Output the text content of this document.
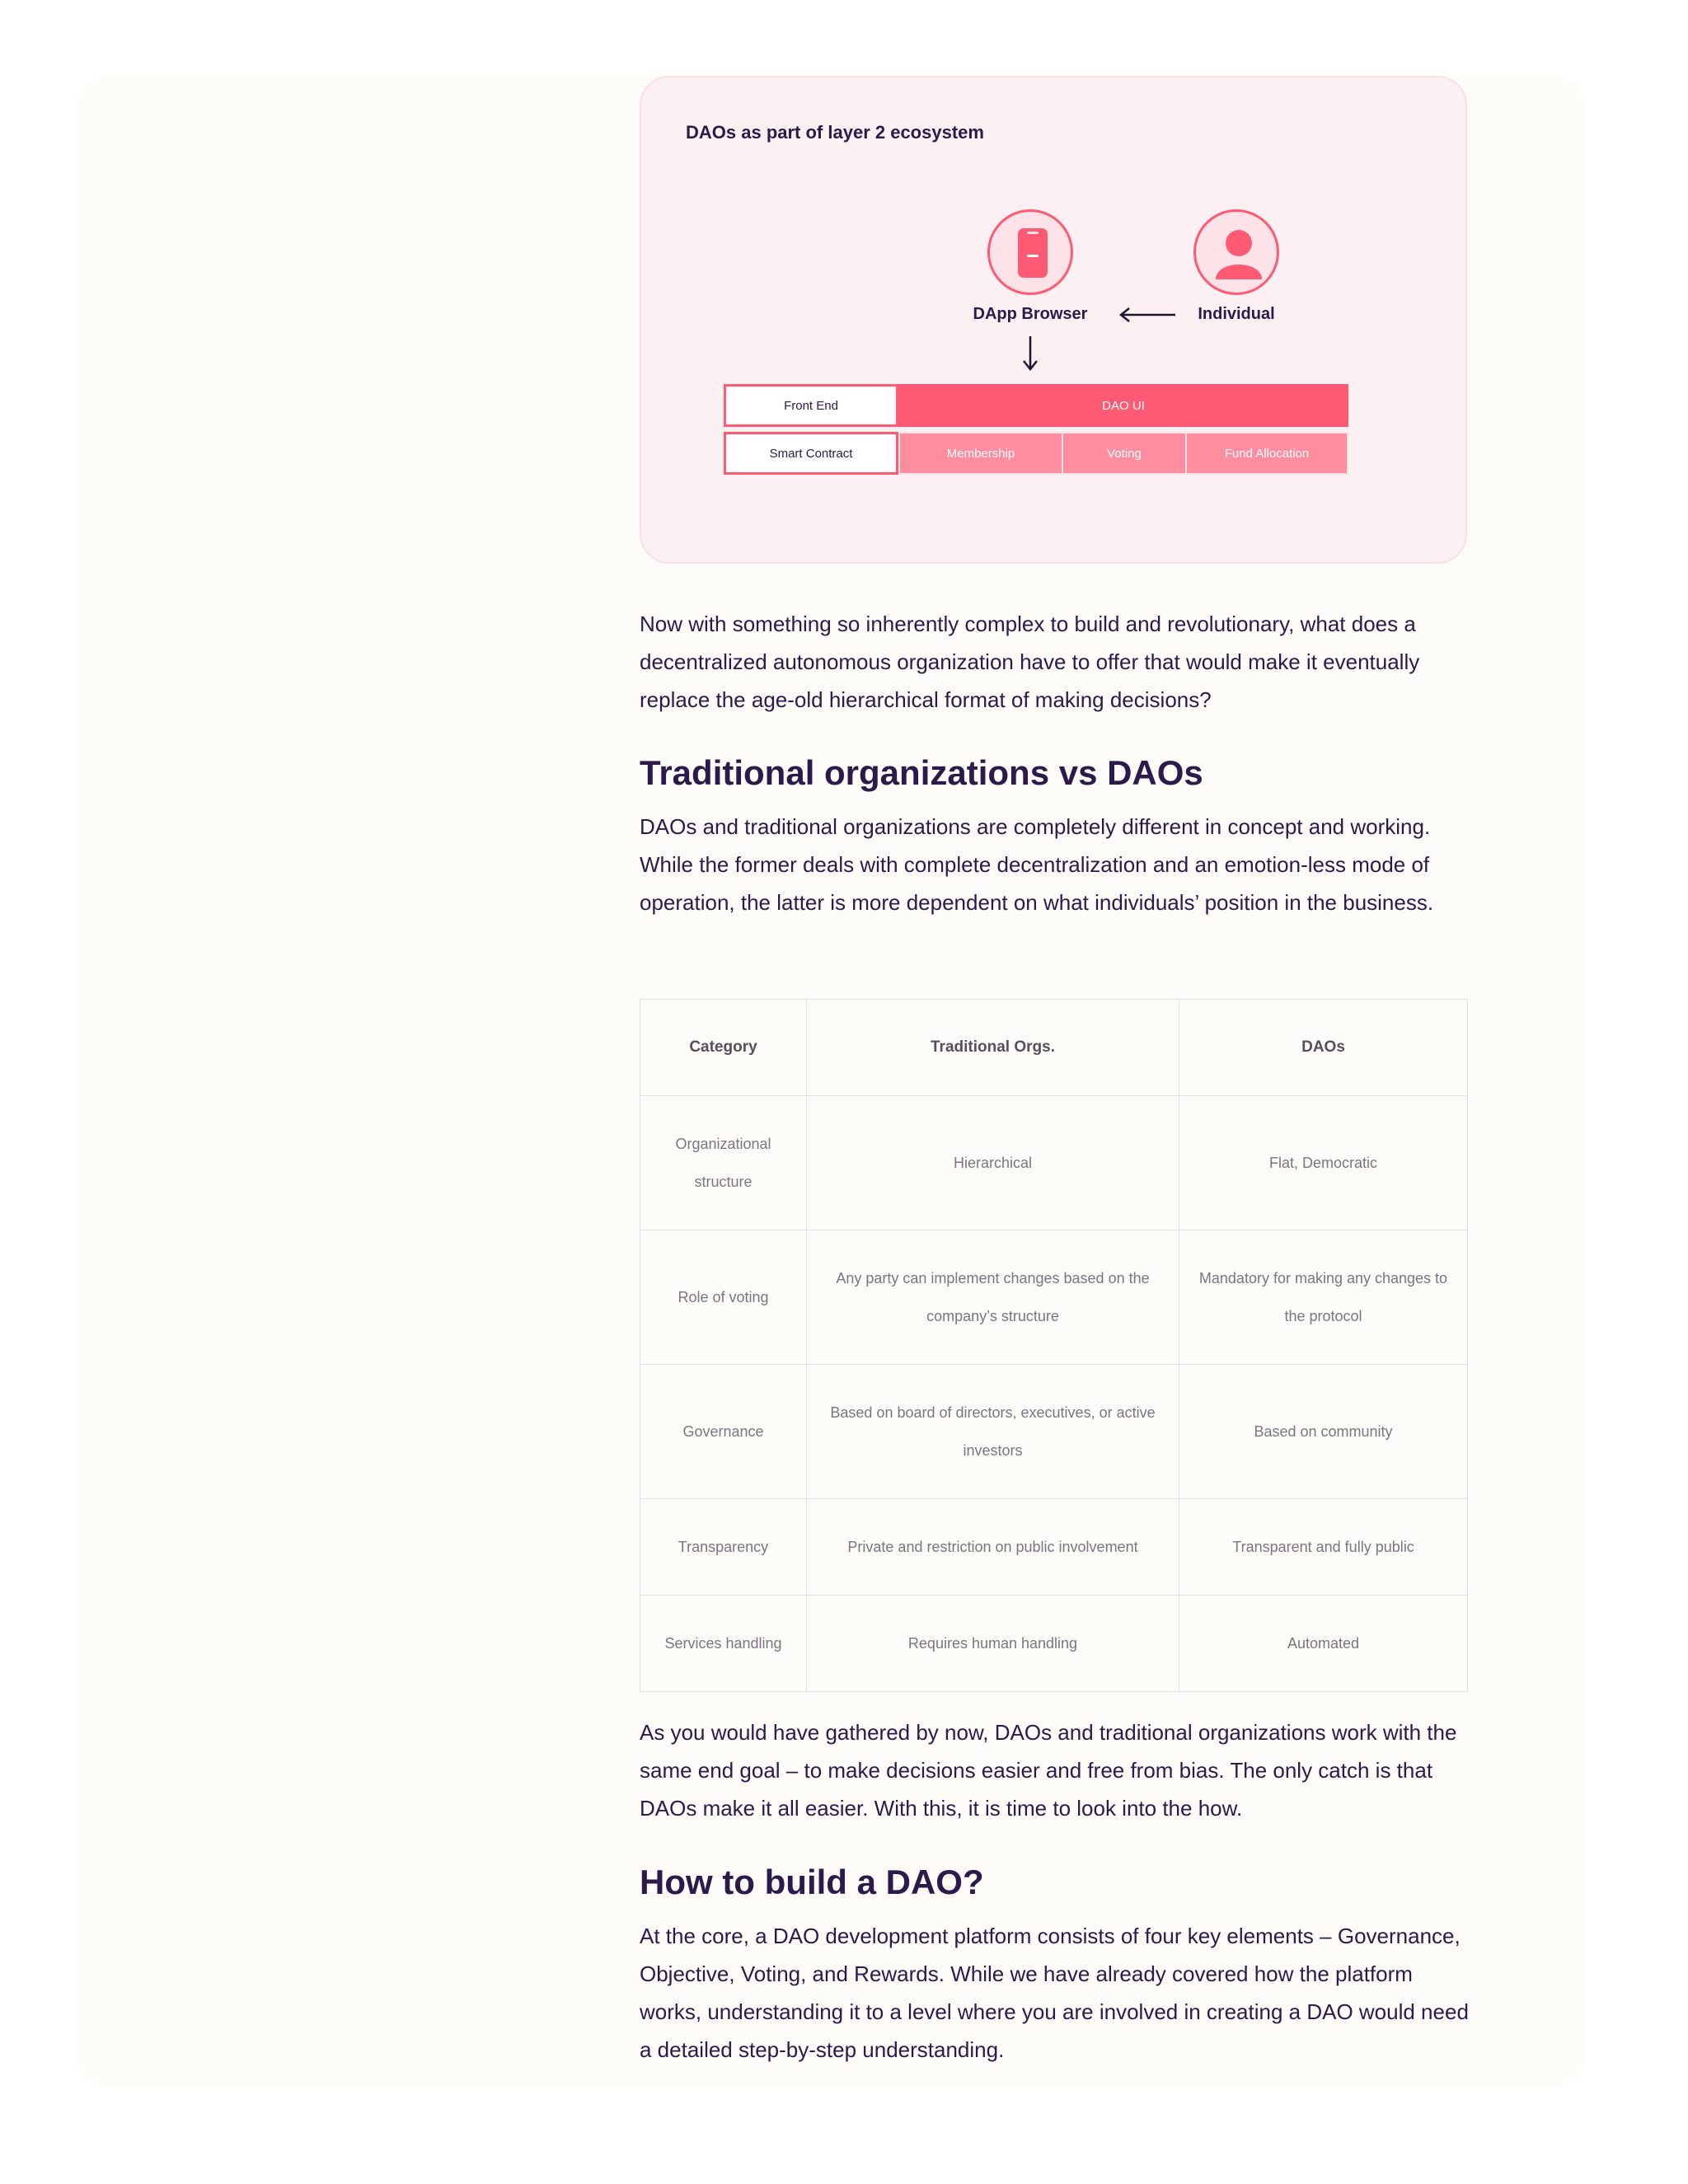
DAOs as part of layer 2 ecosystem
DApp Browser	Individual
Front End	DAO UI
Smart Contract	Membership	Voting	Fund Allocation

Now with something so inherently complex to build and revolutionary, what does a decentralized autonomous organization have to offer that would make it eventually replace the age-old hierarchical format of making decisions?

Traditional organizations vs DAOs

DAOs and traditional organizations are completely different in concept and working. While the former deals with complete decentralization and an emotion-less mode of operation, the latter is more dependent on what individuals’ position in the business.

Category	Traditional Orgs.	DAOs
Organizational structure	Hierarchical	Flat, Democratic
Role of voting	Any party can implement changes based on the company’s structure	Mandatory for making any changes to the protocol
Governance	Based on board of directors, executives, or active investors	Based on community
Transparency	Private and restriction on public involvement	Transparent and fully public
Services handling	Requires human handling	Automated

As you would have gathered by now, DAOs and traditional organizations work with the same end goal – to make decisions easier and free from bias. The only catch is that DAOs make it all easier. With this, it is time to look into the how.

How to build a DAO?

At the core, a DAO development platform consists of four key elements – Governance, Objective, Voting, and Rewards. While we have already covered how the platform works, understanding it to a level where you are involved in creating a DAO would need a detailed step-by-step understanding.
